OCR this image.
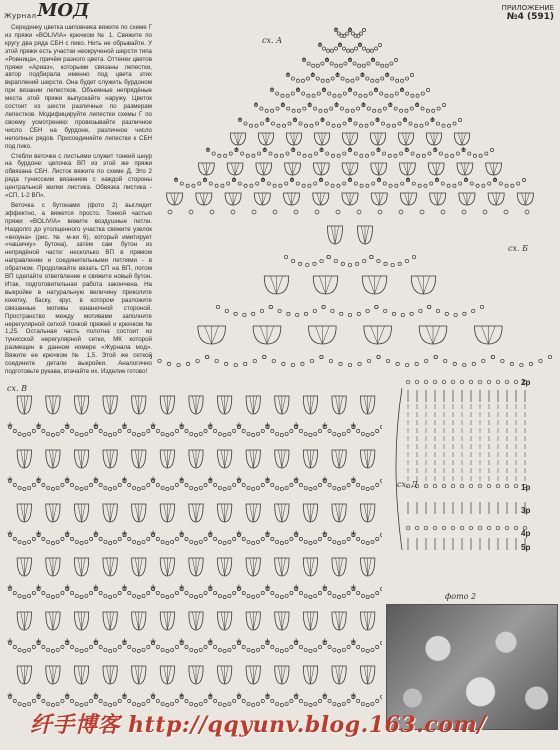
Журнал МОД	ПРИЛОЖЕНИЕ
№4 (591)

Серединку цветка шиповника вяжите по схеме Г из пряжи «BOLIVIA» крючком № 1. Свяжите по кругу два ряда СБН с пико. Нить не обрывайте. У этой пряжи есть участки неокрученой шерсти типа «Ровница», причём разного цвета. Оттенки цветов пряжи «Ариаз», которыми связаны лепестки, автор подбирала именно под цвета этих вкраплений шерсти. Она будет служить бурдоном при вязании лепестков. Объемные непрядёные места этой пряжи выпускайте наружу. Цветок состоит из шести различных по размерам лепестков. Модифицируйте лепестки схемы Г по своему усмотрению: провязывайте различное число СБН на бурдоне, различное число неполных рядов. Присоединяйте лепестки к СБН под пико.

Стебли веточки с листьями служит тонкий шнур на бурдоне: цепочка ВП из этой же пряжи обвязана СБН. Листок вяжите по схеме Д. Это 2 ряда тунисским вязанием с каждой стороны центральной жилки листика. Обвязка листика - «СП, 1-2 ВП».

Веточка с бутонами (фото 2) выглядит эффектно, а вяжется просто. Тонкой частью пряжи «BOLIVIA» вяжите воздушные петли. Наздолго до утолщенного участка свяжите узелок «кноуна» (рис. № м-ки 6), который имитирует «чашечку» бутона), затем сам бутон из непрядёной части: несколько ВП в прямом направлении и соединительными петлями - в обратном. Продолжайте вязать СП на ВП, потом ВП сделайте ответвление и свяжите новый бутон. Итак, подготовительная работа закончена. На выкройке в натуральную величину приколите кокетку, баску, круг, в котором разложите связанные мотивы изнаночной стороной. Пространство между мотивами заполните нерегулярной сеткой тонкой пряжей и крючком № 1,25. Остальная часть полотна состоит из тунисской нерегулярной сетки, МК которой размещен в данном номере «Журнала мод». Вяжите ее крючком № 1,5. Этой же сеткой соедините детали выкройки. Аналогично подготовьте рукава, втачайте их. Изделие готово!

сх. А
сх. Б
сх. В
сх. Д
2р
1р
3р
4р
5р
фото 2
纤手博客 http://qqyunv.blog.163.com/
